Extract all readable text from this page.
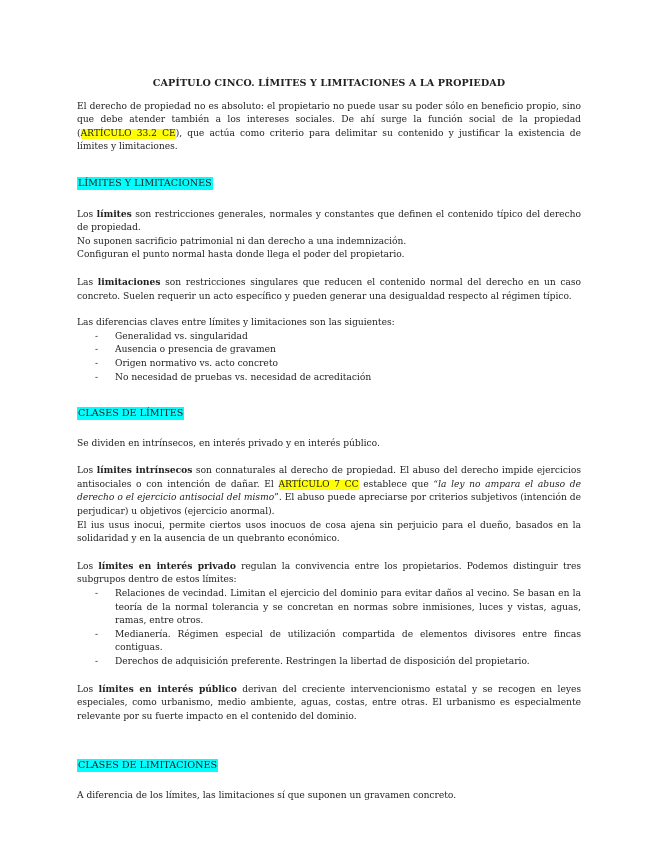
CAPÍTULO CINCO. LÍMITES Y LIMITACIONES A LA PROPIEDAD

El derecho de propiedad no es absoluto: el propietario no puede usar su poder sólo en beneficio propio, sino que debe atender también a los intereses sociales. De ahí surge la función social de la propiedad (ARTÍCULO 33.2 CE), que actúa como criterio para delimitar su contenido y justificar la existencia de límites y limitaciones.

LÍMITES Y LIMITACIONES

Los límites son restricciones generales, normales y constantes que definen el contenido típico del derecho de propiedad.

No suponen sacrificio patrimonial ni dan derecho a una indemnización.

Configuran el punto normal hasta donde llega el poder del propietario.

Las limitaciones son restricciones singulares que reducen el contenido normal del derecho en un caso concreto. Suelen requerir un acto específico y pueden generar una desigualdad respecto al régimen típico.

Las diferencias claves entre límites y limitaciones son las siguientes:

- Generalidad vs. singularidad
- Ausencia o presencia de gravamen
- Origen normativo vs. acto concreto
- No necesidad de pruebas vs. necesidad de acreditación
CLASES DE LÍMITES

Se dividen en intrínsecos, en interés privado y en interés público.

Los límites intrínsecos son connaturales al derecho de propiedad. El abuso del derecho impide ejercicios antisociales o con intención de dañar. El ARTÍCULO 7 CC establece que “la ley no ampara el abuso de derecho o el ejercicio antisocial del mismo”. El abuso puede apreciarse por criterios subjetivos (intención de perjudicar) u objetivos (ejercicio anormal).

El ius usus inocui, permite ciertos usos inocuos de cosa ajena sin perjuicio para el dueño, basados en la solidaridad y en la ausencia de un quebranto económico.

Los límites en interés privado regulan la convivencia entre los propietarios. Podemos distinguir tres subgrupos dentro de estos límites:

- Relaciones de vecindad. Limitan el ejercicio del dominio para evitar daños al vecino. Se basan en la teoría de la normal tolerancia y se concretan en normas sobre inmisiones, luces y vistas, aguas, ramas, entre otros.
- Medianería. Régimen especial de utilización compartida de elementos divisores entre fincas contiguas.
- Derechos de adquisición preferente. Restringen la libertad de disposición del propietario.

Los límites en interés público derivan del creciente intervencionismo estatal y se recogen en leyes especiales, como urbanismo, medio ambiente, aguas, costas, entre otras. El urbanismo es especialmente relevante por su fuerte impacto en el contenido del dominio.

CLASES DE LIMITACIONES

A diferencia de los límites, las limitaciones sí que suponen un gravamen concreto.
